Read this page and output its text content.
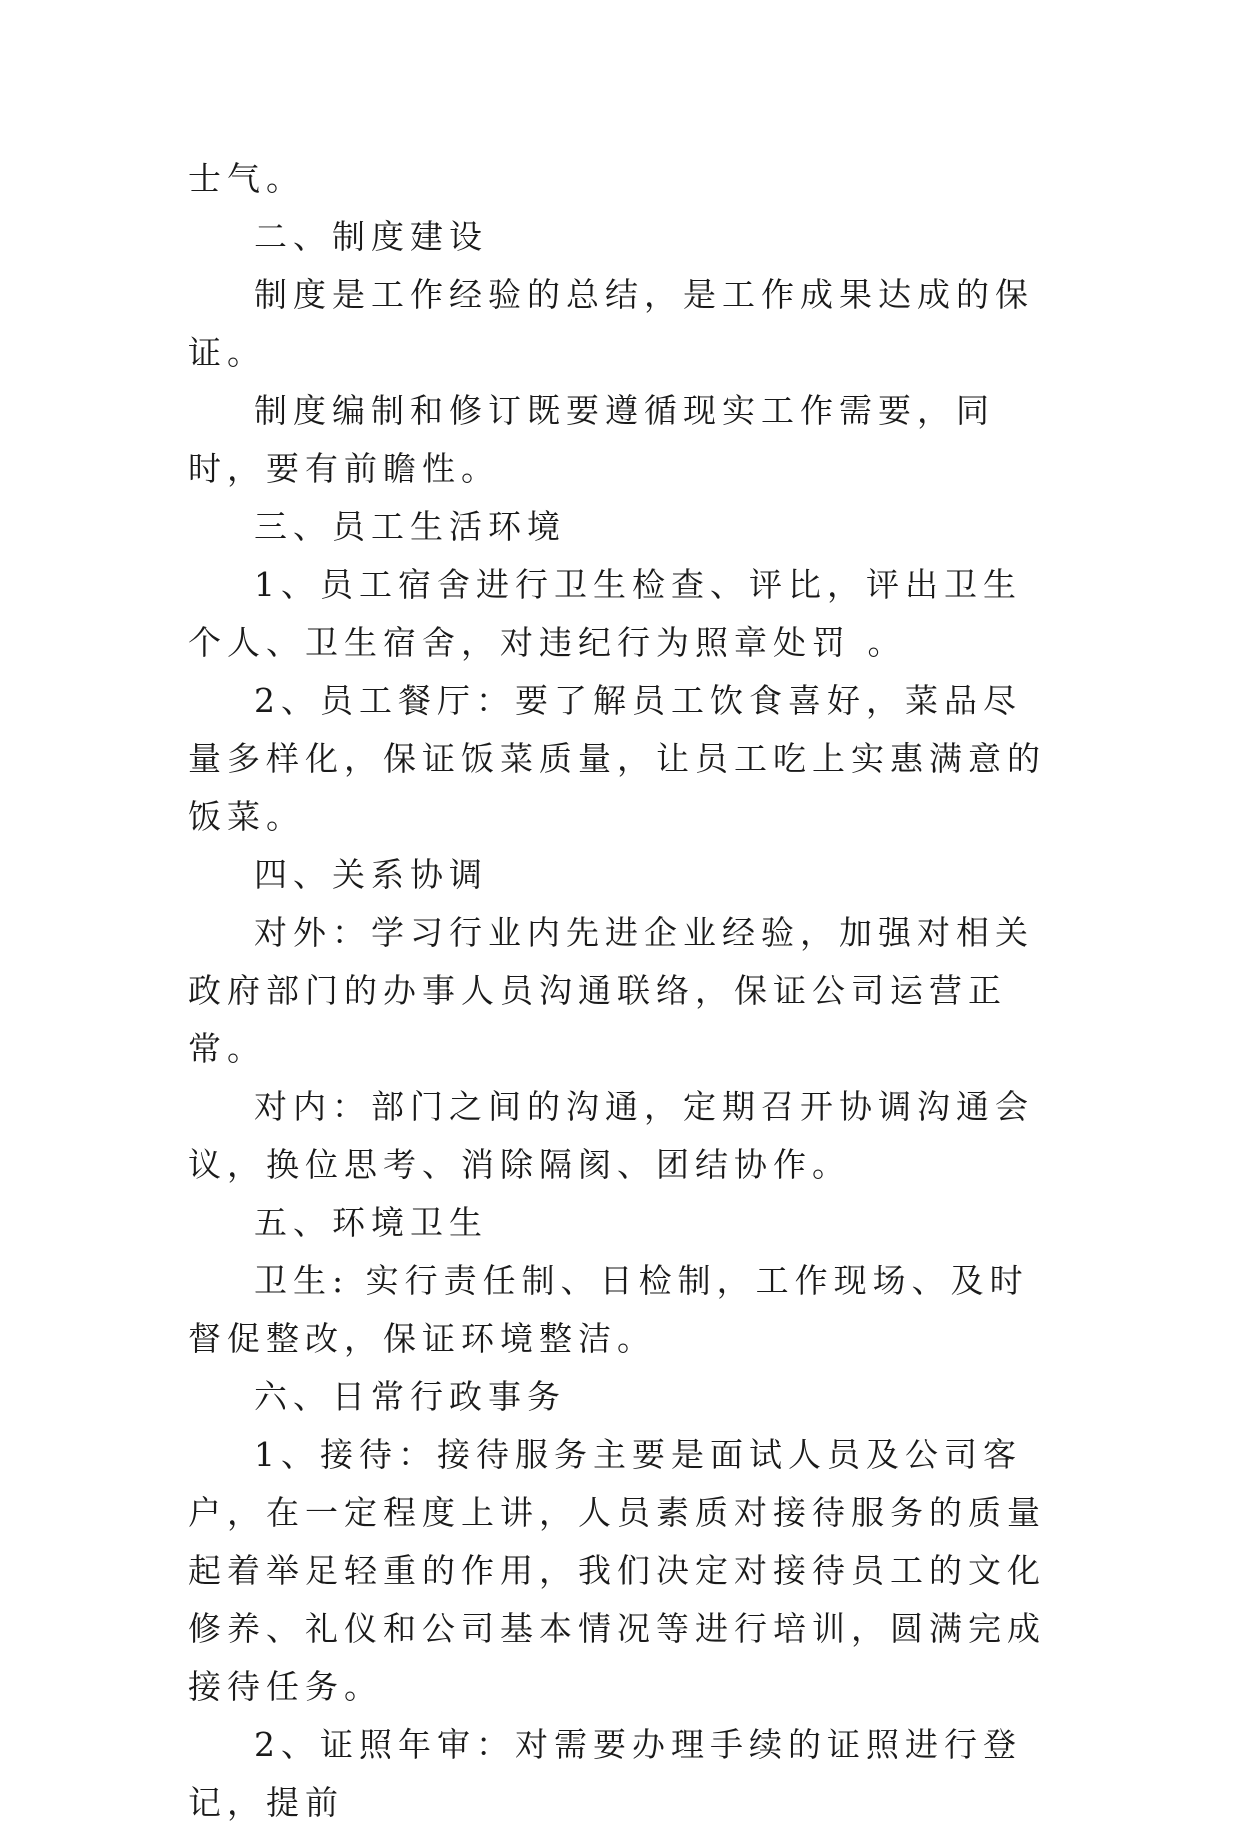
士气。

二、制度建设

制度是工作经验的总结，是工作成果达成的保证。

制度编制和修订既要遵循现实工作需要，同时，要有前瞻性。

三、员工生活环境

1、员工宿舍进行卫生检查、评比，评出卫生个人、卫生宿舍，对违纪行为照章处罚 。

2、员工餐厅：要了解员工饮食喜好，菜品尽量多样化，保证饭菜质量，让员工吃上实惠满意的饭菜。

四、关系协调

对外：学习行业内先进企业经验，加强对相关政府部门的办事人员沟通联络，保证公司运营正常。

对内：部门之间的沟通，定期召开协调沟通会议，换位思考、消除隔阂、团结协作。

五、环境卫生

卫生: 实行责任制、日检制，工作现场、及时督促整改，保证环境整洁。

六、日常行政事务

1、接待：接待服务主要是面试人员及公司客户，在一定程度上讲，人员素质对接待服务的质量起着举足轻重的作用，我们决定对接待员工的文化修养、礼仪和公司基本情况等进行培训，圆满完成接待任务。

2、证照年审：对需要办理手续的证照进行登记，提前
